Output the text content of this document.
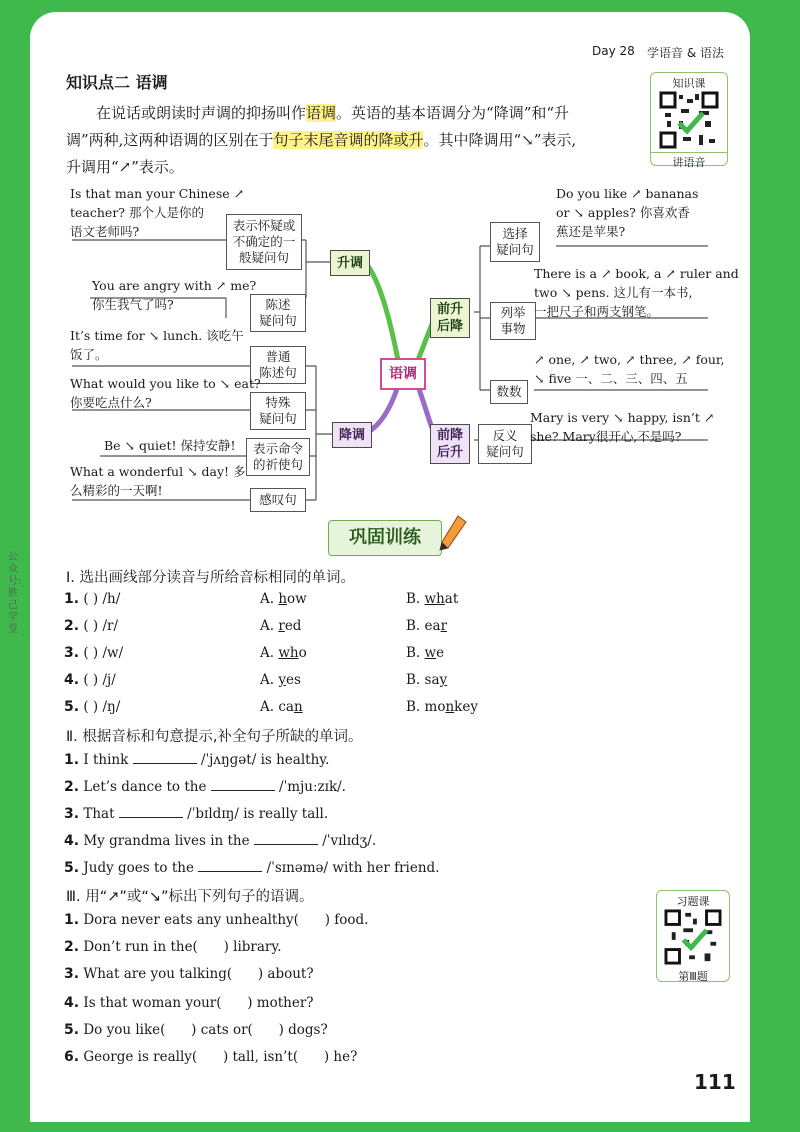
Day 28 学语音 & 语法
知识点二 语调
在说话或朗读时声调的抑扬叫作语调。英语的基本语调分为“降调”和“升
调”两种,这两种语调的区别在于句子末尾音调的降或升。其中降调用“↘”表示,
升调用“↗”表示。
知识课
讲语音
语调
升调
降调
前升
后降
前降
后升
表示怀疑或
不确定的一
般疑问句
陈述
疑问句
普通
陈述句
特殊
疑问句
表示命令
的祈使句
感叹句
选择
疑问句
列举
事物
数数
反义
疑问句
Is that man your Chinese ↗
teacher? 那个人是你的
语文老师吗?
You are angry with ↗ me?
你生我气了吗?
It’s time for ↘ lunch. 该吃午
饭了。
What would you like to ↘ eat?
你要吃点什么?
Be ↘ quiet! 保持安静!
What a wonderful ↘ day! 多
么精彩的一天啊!
Do you like ↗ bananas
or ↘ apples? 你喜欢香
蕉还是苹果?
There is a ↗ book, a ↗ ruler and
two ↘ pens. 这儿有一本书,
一把尺子和两支钢笔。
↗ one, ↗ two, ↗ three, ↗ four,
↘ five 一、二、三、四、五
Mary is very ↘ happy, isn’t ↗
she? Mary很开心,不是吗?
巩固训练
公众号:胜己学堂
Ⅰ. 选出画线部分读音与所给音标相同的单词。
1. ( ) /h/	A. how	B. what
2. ( ) /r/	A. red	B. ear
3. ( ) /w/	A. who	B. we
4. ( ) /j/	A. yes	B. say
5. ( ) /ŋ/	A. can	B. monkey
Ⅱ. 根据音标和句意提示,补全句子所缺的单词。
1. I think	/ˈjʌŋɡət/ is healthy.
2. Let’s dance to the	/ˈmjuːzɪk/.
3. That	/ˈbɪldɪŋ/ is really tall.
4. My grandma lives in the	/ˈvɪlɪdʒ/.
5. Judy goes to the	/ˈsɪnəmə/ with her friend.
Ⅲ. 用“↗”或“↘”标出下列句子的语调。
1. Dora never eats any unhealthy(      ) food.
2. Don’t run in the(      ) library.
3. What are you talking(      ) about?
4. Is that woman your(      ) mother?
5. Do you like(      ) cats or(      ) dogs?
6. George is really(      ) tall, isn’t(      ) he?
习题课
第Ⅲ题
111
